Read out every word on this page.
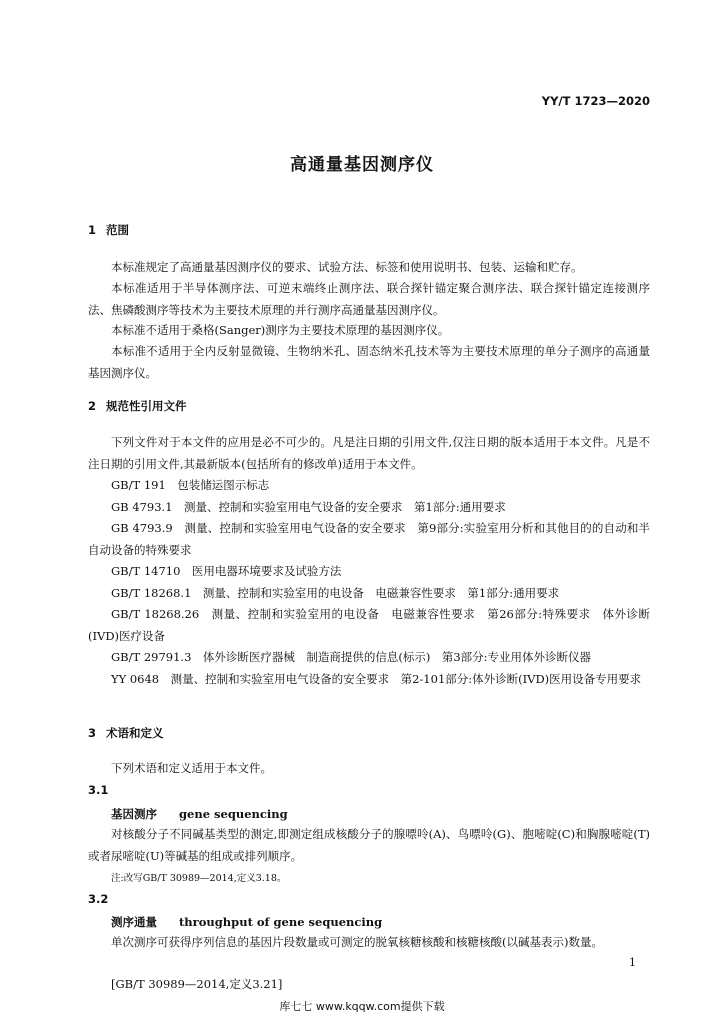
YY/T 1723—2020
高通量基因测序仪
1 范围
本标准规定了高通量基因测序仪的要求、试验方法、标签和使用说明书、包装、运输和贮存。
本标准适用于半导体测序法、可逆末端终止测序法、联合探针锚定聚合测序法、联合探针锚定连接测序法、焦磷酸测序等技术为主要技术原理的并行测序高通量基因测序仪。
本标准不适用于桑格(Sanger)测序为主要技术原理的基因测序仪。
本标准不适用于全内反射显微镜、生物纳米孔、固态纳米孔技术等为主要技术原理的单分子测序的高通量基因测序仪。
2 规范性引用文件
下列文件对于本文件的应用是必不可少的。凡是注日期的引用文件,仅注日期的版本适用于本文件。凡是不注日期的引用文件,其最新版本(包括所有的修改单)适用于本文件。
GB/T 191　包装储运图示标志
GB 4793.1　测量、控制和实验室用电气设备的安全要求　第1部分:通用要求
GB 4793.9　测量、控制和实验室用电气设备的安全要求　第9部分:实验室用分析和其他目的的自动和半自动设备的特殊要求
GB/T 14710　医用电器环境要求及试验方法
GB/T 18268.1　测量、控制和实验室用的电设备　电磁兼容性要求　第1部分:通用要求
GB/T 18268.26　测量、控制和实验室用的电设备　电磁兼容性要求　第26部分:特殊要求　体外诊断(IVD)医疗设备
GB/T 29791.3　体外诊断医疗器械　制造商提供的信息(标示)　第3部分:专业用体外诊断仪器
YY 0648　测量、控制和实验室用电气设备的安全要求　第2-101部分:体外诊断(IVD)医用设备专用要求
3 术语和定义
下列术语和定义适用于本文件。
3.1
基因测序 gene sequencing
对核酸分子不同碱基类型的测定,即测定组成核酸分子的腺嘌呤(A)、鸟嘌呤(G)、胞嘧啶(C)和胸腺嘧啶(T)或者尿嘧啶(U)等碱基的组成或排列顺序。
注:改写GB/T 30989—2014,定义3.18。
3.2
测序通量 throughput of gene sequencing
单次测序可获得序列信息的基因片段数量或可测定的脱氧核糖核酸和核糖核酸(以碱基表示)数量。
[GB/T 30989—2014,定义3.21]
1
库七七 www.kqqw.com提供下载
